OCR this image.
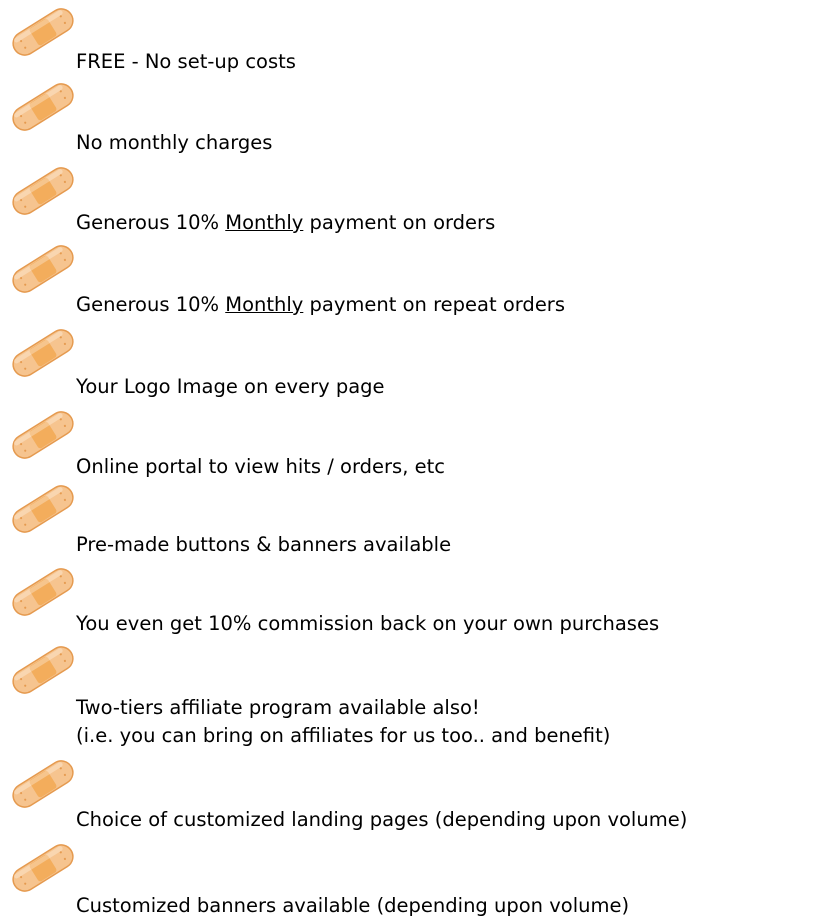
FREE - No set-up costs
No monthly charges
Generous 10% Monthly payment on orders
Generous 10% Monthly payment on repeat orders
Your Logo Image on every page
Online portal to view hits / orders, etc
Pre-made buttons & banners available
You even get 10% commission back on your own purchases
Two-tiers affiliate program available also!
(i.e. you can bring on affiliates for us too.. and benefit)
Choice of customized landing pages (depending upon volume)
Customized banners available (depending upon volume)
